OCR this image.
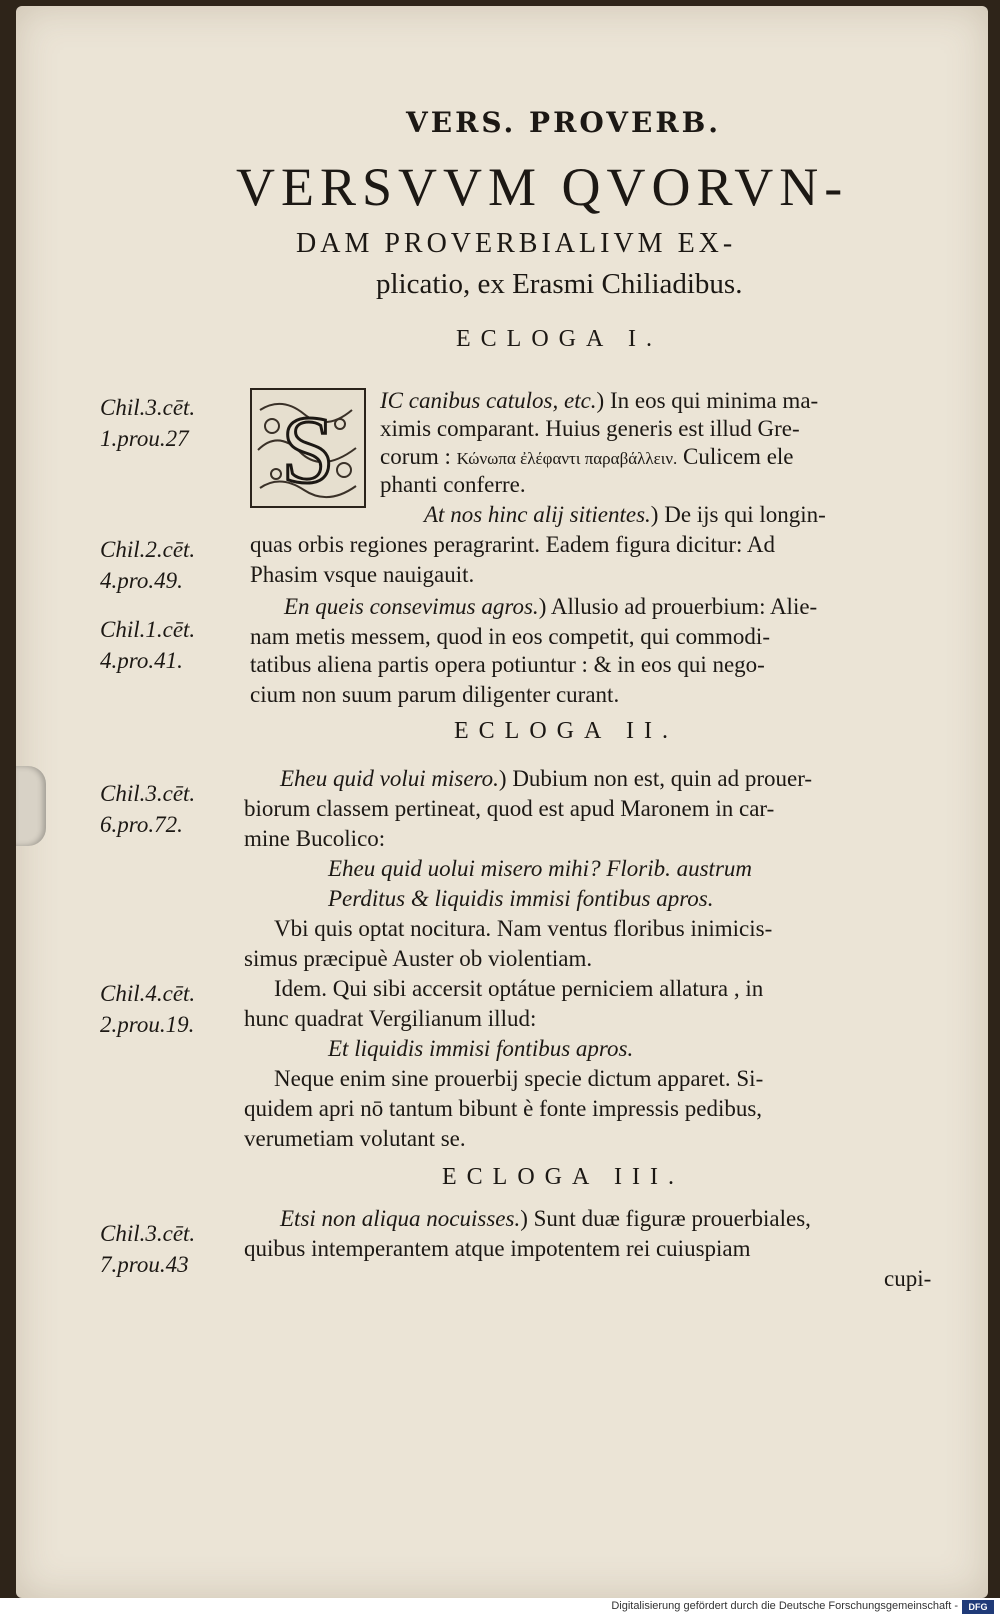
VERS. PROVERB.
VERSVVM QVORVN-
DAM PROVERBIALIVM EX-
plicatio, ex Erasmi Chiliadibus.
ECLOGA I.
Chil.3.cēt.
1.prou.27 S IC canibus catulos, etc.) In eos qui minima ma-
ximis comparant. Huius generis est illud Gre-
corum : Κώνωπα ἐλέφαντι παραβάλλειν. Culicem ele
phanti conferre.
At nos hinc alij sitientes.) De ijs qui longin-
Chil.2.cēt.
4.pro.49.
quas orbis regiones peragrarint. Eadem figura dicitur: Ad
Phasim vsque nauigauit.
Chil.1.cēt.
4.pro.41.
En queis consevimus agros.) Allusio ad prouerbium: Alie-
nam metis messem, quod in eos competit, qui commodi-
tatibus aliena partis opera potiuntur : & in eos qui nego-
cium non suum parum diligenter curant.
ECLOGA II.
Chil.3.cēt.
6.pro.72.
Eheu quid volui misero.) Dubium non est, quin ad prouer-
biorum classem pertineat, quod est apud Maronem in car-
mine Bucolico:
Eheu quid uolui misero mihi? Florib. austrum
Perditus & liquidis immisi fontibus apros.
Vbi quis optat nocitura. Nam ventus floribus inimicis-
simus præcipuè Auster ob violentiam.
Chil.4.cēt.
2.prou.19.
Idem. Qui sibi accersit optátue perniciem allatura , in
hunc quadrat Vergilianum illud:
Et liquidis immisi fontibus apros.
Neque enim sine prouerbij specie dictum apparet. Si-
quidem apri nō tantum bibunt è fonte impressis pedibus,
verumetiam volutant se.
ECLOGA III.
Chil.3.cēt.
7.prou.43
Etsi non aliqua nocuisses.) Sunt duæ figuræ prouerbiales,
quibus intemperantem atque impotentem rei cuiuspiam
cupi-
Digitalisierung gefördert durch die Deutsche Forschungsgemeinschaft -	DFG
